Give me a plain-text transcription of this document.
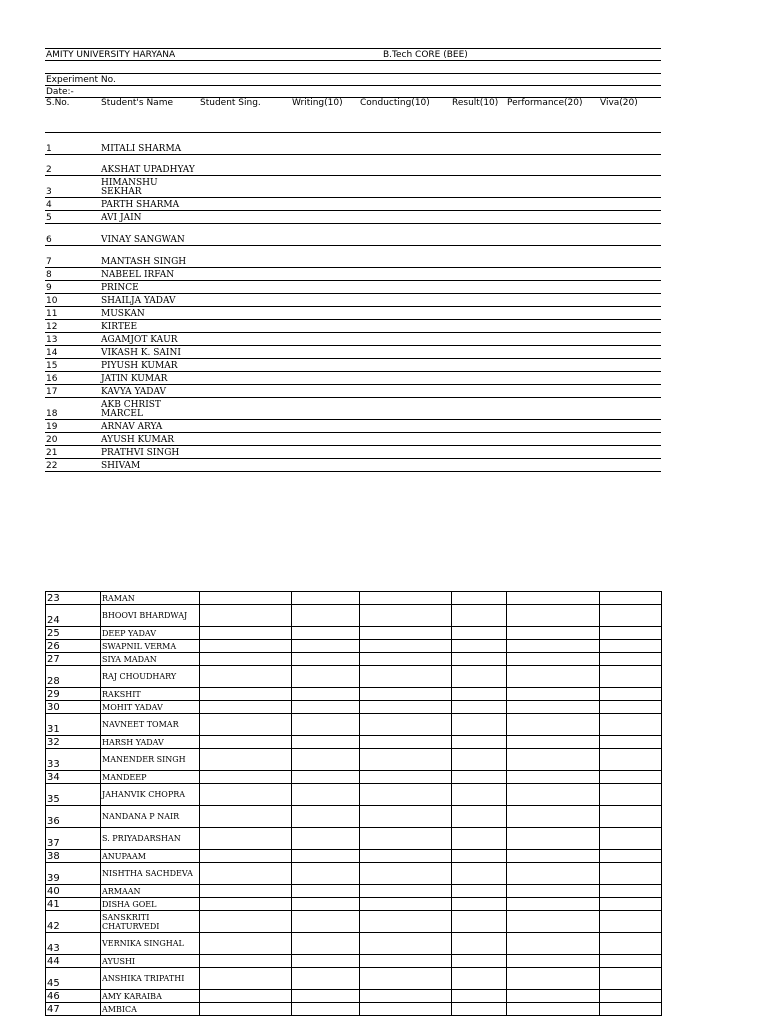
AMITY UNIVERSITY HARYANA				B.Tech CORE (BEE)			

Experiment No.							
Date:-							
S.No.	Student's Name	Student Sing.	Writing(10)	Conducting(10)	Result(10)	Performance(20)	Viva(20)
1	MITALI SHARMA						
2	AKSHAT UPADHYAY						
3	HIMANSHU SEKHAR						
4	PARTH SHARMA						
5	AVI JAIN						
6	VINAY SANGWAN						
7	MANTASH SINGH						
8	NABEEL IRFAN						
9	PRINCE						
10	SHAILJA YADAV						
11	MUSKAN						
12	KIRTEE						
13	AGAMJOT KAUR						
14	VIKASH K. SAINI						
15	PIYUSH KUMAR						
16	JATIN KUMAR						
17	KAVYA YADAV						
18	AKB CHRIST MARCEL						
19	ARNAV ARYA						
20	AYUSH KUMAR						
21	PRATHVI SINGH						
22	SHIVAM						
23	RAMAN						
24	BHOOVI BHARDWAJ						
25	DEEP YADAV						
26	SWAPNIL VERMA						
27	SIYA MADAN						
28	RAJ CHOUDHARY						
29	RAKSHIT						
30	MOHIT YADAV						
31	NAVNEET TOMAR						
32	HARSH YADAV						
33	MANENDER SINGH						
34	MANDEEP						
35	JAHANVIK CHOPRA						
36	NANDANA P NAIR						
37	S. PRIYADARSHAN						
38	ANUPAAM						
39	NISHTHA SACHDEVA						
40	ARMAAN						
41	DISHA GOEL						
42	SANSKRITI CHATURVEDI						
43	VERNIKA SINGHAL						
44	AYUSHI						
45	ANSHIKA TRIPATHI						
46	AMY KARAIBA						
47	AMBICA						
